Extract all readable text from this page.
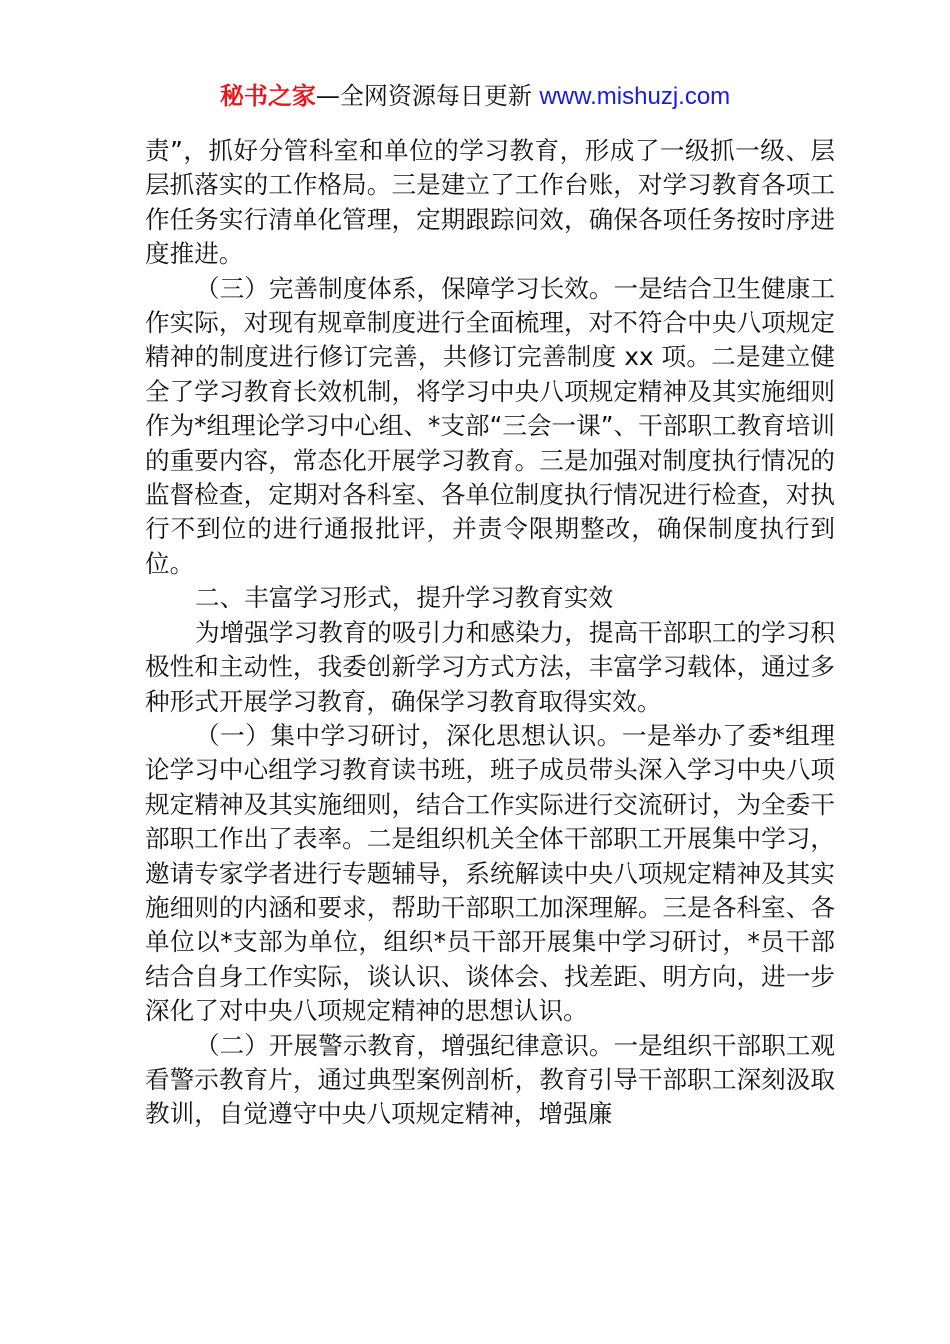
秘书之家—全网资源每日更新 www.mishuzj.com

责”，抓好分管科室和单位的学习教育，形成了一级抓一级、层层抓落实的工作格局。三是建立了工作台账，对学习教育各项工作任务实行清单化管理，定期跟踪问效，确保各项任务按时序进度推进。

（三）完善制度体系，保障学习长效。一是结合卫生健康工作实际，对现有规章制度进行全面梳理，对不符合中央八项规定精神的制度进行修订完善，共修订完善制度 xx 项。二是建立健全了学习教育长效机制，将学习中央八项规定精神及其实施细则作为*组理论学习中心组、*支部“三会一课”、干部职工教育培训的重要内容，常态化开展学习教育。三是加强对制度执行情况的监督检查，定期对各科室、各单位制度执行情况进行检查，对执行不到位的进行通报批评，并责令限期整改，确保制度执行到位。

二、丰富学习形式，提升学习教育实效

为增强学习教育的吸引力和感染力，提高干部职工的学习积极性和主动性，我委创新学习方式方法，丰富学习载体，通过多种形式开展学习教育，确保学习教育取得实效。

（一）集中学习研讨，深化思想认识。一是举办了委*组理论学习中心组学习教育读书班，班子成员带头深入学习中央八项规定精神及其实施细则，结合工作实际进行交流研讨，为全委干部职工作出了表率。二是组织机关全体干部职工开展集中学习，邀请专家学者进行专题辅导，系统解读中央八项规定精神及其实施细则的内涵和要求，帮助干部职工加深理解。三是各科室、各单位以*支部为单位，组织*员干部开展集中学习研讨，*员干部结合自身工作实际，谈认识、谈体会、找差距、明方向，进一步深化了对中央八项规定精神的思想认识。

（二）开展警示教育，增强纪律意识。一是组织干部职工观看警示教育片，通过典型案例剖析，教育引导干部职工深刻汲取教训，自觉遵守中央八项规定精神，增强廉
